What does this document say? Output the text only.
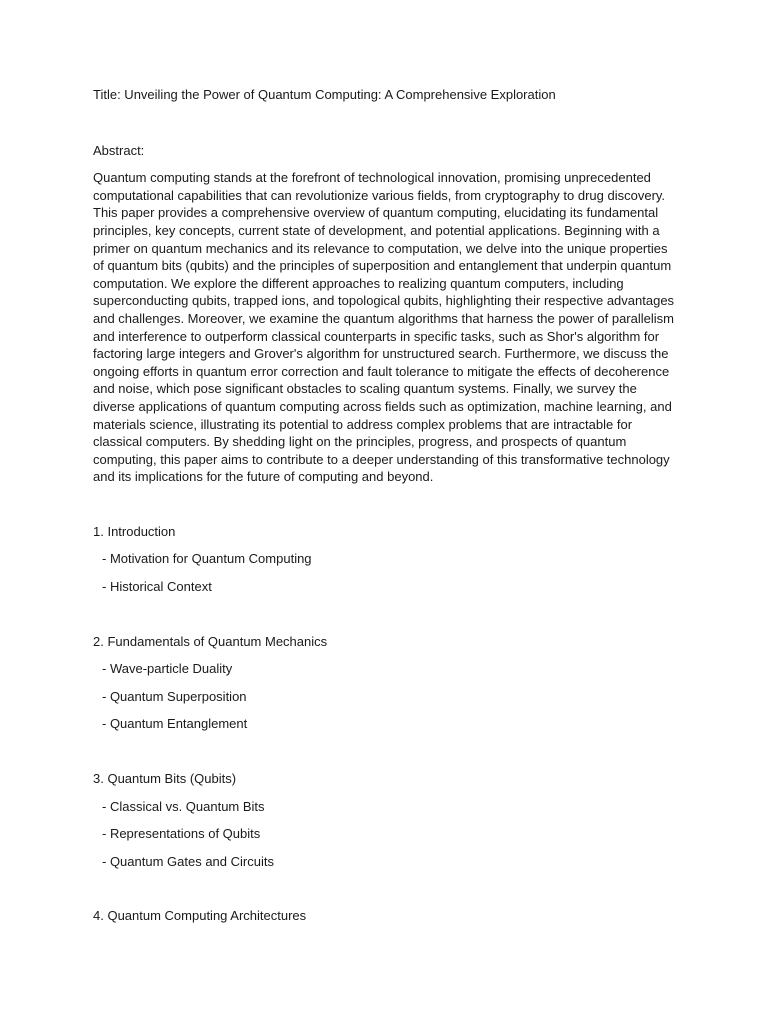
Title: Unveiling the Power of Quantum Computing: A Comprehensive Exploration

Abstract:

Quantum computing stands at the forefront of technological innovation, promising unprecedented computational capabilities that can revolutionize various fields, from cryptography to drug discovery. This paper provides a comprehensive overview of quantum computing, elucidating its fundamental principles, key concepts, current state of development, and potential applications. Beginning with a primer on quantum mechanics and its relevance to computation, we delve into the unique properties of quantum bits (qubits) and the principles of superposition and entanglement that underpin quantum computation. We explore the different approaches to realizing quantum computers, including superconducting qubits, trapped ions, and topological qubits, highlighting their respective advantages and challenges. Moreover, we examine the quantum algorithms that harness the power of parallelism and interference to outperform classical counterparts in specific tasks, such as Shor's algorithm for factoring large integers and Grover's algorithm for unstructured search. Furthermore, we discuss the ongoing efforts in quantum error correction and fault tolerance to mitigate the effects of decoherence and noise, which pose significant obstacles to scaling quantum systems. Finally, we survey the diverse applications of quantum computing across fields such as optimization, machine learning, and materials science, illustrating its potential to address complex problems that are intractable for classical computers. By shedding light on the principles, progress, and prospects of quantum computing, this paper aims to contribute to a deeper understanding of this transformative technology and its implications for the future of computing and beyond.

1. Introduction

- Motivation for Quantum Computing

- Historical Context

2. Fundamentals of Quantum Mechanics

- Wave-particle Duality

- Quantum Superposition

- Quantum Entanglement

3. Quantum Bits (Qubits)

- Classical vs. Quantum Bits

- Representations of Qubits

- Quantum Gates and Circuits

4. Quantum Computing Architectures
